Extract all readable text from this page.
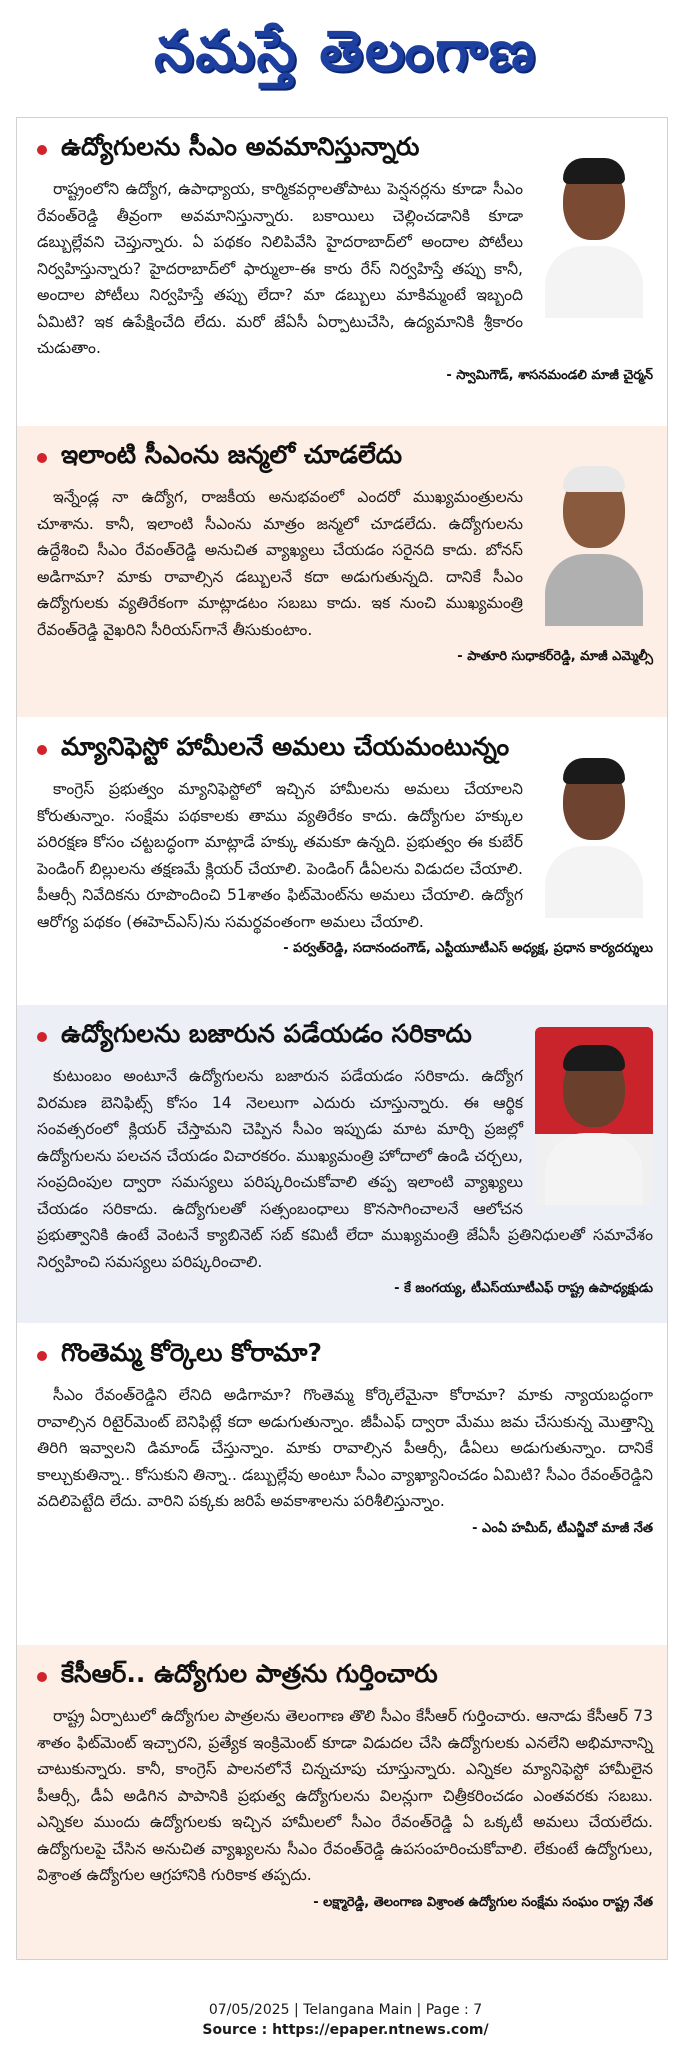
నమస్తే తెలంగాణ
ఉద్యోగులను సీఎం అవమానిస్తున్నారు

రాష్ట్రంలోని ఉద్యోగ, ఉపాధ్యాయ, కార్మికవర్గాలతోపాటు పెన్షనర్లను కూడా సీఎం రేవంత్‌రెడ్డి తీవ్రంగా అవమానిస్తున్నారు. బకాయిలు చెల్లించడానికి కూడా డబ్బుల్లేవని చెప్తున్నారు. ఏ పథకం నిలిపివేసి హైదరాబాద్‌లో అందాల పోటీలు నిర్వహిస్తున్నారు? హైదరాబాద్‌లో ఫార్ములా-ఈ కారు రేస్ నిర్వహిస్తే తప్పు కానీ, అందాల పోటీలు నిర్వహిస్తే తప్పు లేదా? మా డబ్బులు మాకిమ్మంటే ఇబ్బంది ఏమిటి? ఇక ఉపేక్షించేది లేదు. మరో జేఏసీ ఏర్పాటుచేసి, ఉద్యమానికి శ్రీకారం చుడుతాం.

- స్వామిగౌడ్, శాసనమండలి మాజీ చైర్మన్
ఇలాంటి సీఎంను జన్మలో చూడలేదు

ఇన్నేండ్ల నా ఉద్యోగ, రాజకీయ అనుభవంలో ఎందరో ముఖ్యమంత్రులను చూశాను. కానీ, ఇలాంటి సీఎంను మాత్రం జన్మలో చూడలేదు. ఉద్యోగులను ఉద్దేశించి సీఎం రేవంత్‌రెడ్డి అనుచిత వ్యాఖ్యలు చేయడం సరైనది కాదు. బోనస్ అడిగామా? మాకు రావాల్సిన డబ్బులనే కదా అడుగుతున్నది. దానికే సీఎం ఉద్యోగులకు వ్యతిరేకంగా మాట్లాడటం సబబు కాదు. ఇక నుంచి ముఖ్యమంత్రి రేవంత్‌రెడ్డి వైఖరిని సీరియస్‌గానే తీసుకుంటాం.

- పాతూరి సుధాకర్‌రెడ్డి, మాజీ ఎమ్మెల్సీ
మ్యానిఫెస్టో హామీలనే అమలు చేయమంటున్నం

కాంగ్రెస్ ప్రభుత్వం మ్యానిఫెస్టోలో ఇచ్చిన హామీలను అమలు చేయాలని కోరుతున్నాం. సంక్షేమ పథకాలకు తాము వ్యతిరేకం కాదు. ఉద్యోగుల హక్కుల పరిరక్షణ కోసం చట్టబద్ధంగా మాట్లాడే హక్కు తమకూ ఉన్నది. ప్రభుత్వం ఈ కుబేర్ పెండింగ్ బిల్లులను తక్షణమే క్లియర్ చేయాలి. పెండింగ్ డీఏలను విడుదల చేయాలి. పీఆర్సీ నివేదికను రూపొందించి 51శాతం ఫిట్‌మెంట్‌ను అమలు చేయాలి. ఉద్యోగ ఆరోగ్య పథకం (ఈహెచ్‌ఎస్)ను సమర్థవంతంగా అమలు చేయాలి.

- పర్వత్‌రెడ్డి, సదానందంగౌడ్, ఎస్టీయూటీఎస్ అధ్యక్ష, ప్రధాన కార్యదర్శులు
ఉద్యోగులను బజారున పడేయడం సరికాదు

కుటుంబం అంటూనే ఉద్యోగులను బజారున పడేయడం సరికాదు. ఉద్యోగ విరమణ బెనిఫిట్స్ కోసం 14 నెలలుగా ఎదురు చూస్తున్నారు. ఈ ఆర్థిక సంవత్సరంలో క్లియర్ చేస్తామని చెప్పిన సీఎం ఇప్పుడు మాట మార్చి ప్రజల్లో ఉద్యోగులను పలచన చేయడం విచారకరం. ముఖ్యమంత్రి హోదాలో ఉండి చర్చలు, సంప్రదింపుల ద్వారా సమస్యలు పరిష్కరించుకోవాలి తప్ప ఇలాంటి వ్యాఖ్యలు చేయడం సరికాదు. ఉద్యోగులతో సత్సంబంధాలు కొనసాగించాలనే ఆలోచన ప్రభుత్వానికి ఉంటే వెంటనే క్యాబినెట్ సబ్ కమిటీ లేదా ముఖ్యమంత్రి జేఏసీ ప్రతినిధులతో సమావేశం నిర్వహించి సమస్యలు పరిష్కరించాలి.

- కే జంగయ్య, టీఎస్‌యూటీఎఫ్ రాష్ట్ర ఉపాధ్యక్షుడు
గొంతెమ్మ కోర్కెలు కోరామా?

సీఎం రేవంత్‌రెడ్డిని లేనిది అడిగామా? గొంతెమ్మ కోర్కెలేమైనా కోరామా? మాకు న్యాయబద్ధంగా రావాల్సిన రిటైర్‌మెంట్ బెనిఫిట్లే కదా అడుగుతున్నాం. జీపీఎఫ్ ద్వారా మేము జమ చేసుకున్న మొత్తాన్ని తిరిగి ఇవ్వాలని డిమాండ్ చేస్తున్నాం. మాకు రావాల్సిన పీఆర్సీ, డీఏలు అడుగుతున్నాం. దానికే కాల్చుకుతిన్నా.. కోసుకుని తిన్నా.. డబ్బుల్లేవు అంటూ సీఎం వ్యాఖ్యానించడం ఏమిటి? సీఎం రేవంత్‌రెడ్డిని వదిలిపెట్టేది లేదు. వారిని పక్కకు జరిపే అవకాశాలను పరిశీలిస్తున్నాం.

- ఎంఏ హమీద్, టీఎన్జీవో మాజీ నేత
కేసీఆర్.. ఉద్యోగుల పాత్రను గుర్తించారు

రాష్ట్ర ఏర్పాటులో ఉద్యోగుల పాత్రలను తెలంగాణ తొలి సీఎం కేసీఆర్ గుర్తించారు. ఆనాడు కేసీఆర్ 73 శాతం ఫిట్‌మెంట్ ఇచ్చారని, ప్రత్యేక ఇంక్రిమెంట్ కూడా విడుదల చేసి ఉద్యోగులకు ఎనలేని అభిమానాన్ని చాటుకున్నారు. కానీ, కాంగ్రెస్ పాలనలోనే చిన్నచూపు చూస్తున్నారు. ఎన్నికల మ్యానిఫెస్టో హామీలైన పీఆర్సీ, డీఏ అడిగిన పాపానికి ప్రభుత్వ ఉద్యోగులను విలన్లుగా చిత్రీకరించడం ఎంతవరకు సబబు. ఎన్నికల ముందు ఉద్యోగులకు ఇచ్చిన హామీలలో సీఎం రేవంత్‌రెడ్డి ఏ ఒక్కటీ అమలు చేయలేదు. ఉద్యోగులపై చేసిన అనుచిత వ్యాఖ్యలను సీఎం రేవంత్‌రెడ్డి ఉపసంహరించుకోవాలి. లేకుంటే ఉద్యోగులు, విశ్రాంత ఉద్యోగుల ఆగ్రహానికి గురికాక తప్పదు.

- లక్ష్మారెడ్డి, తెలంగాణ విశ్రాంత ఉద్యోగుల సంక్షేమ సంఘం రాష్ట్ర నేత
07/05/2025 | Telangana Main | Page : 7
Source : https://epaper.ntnews.com/
